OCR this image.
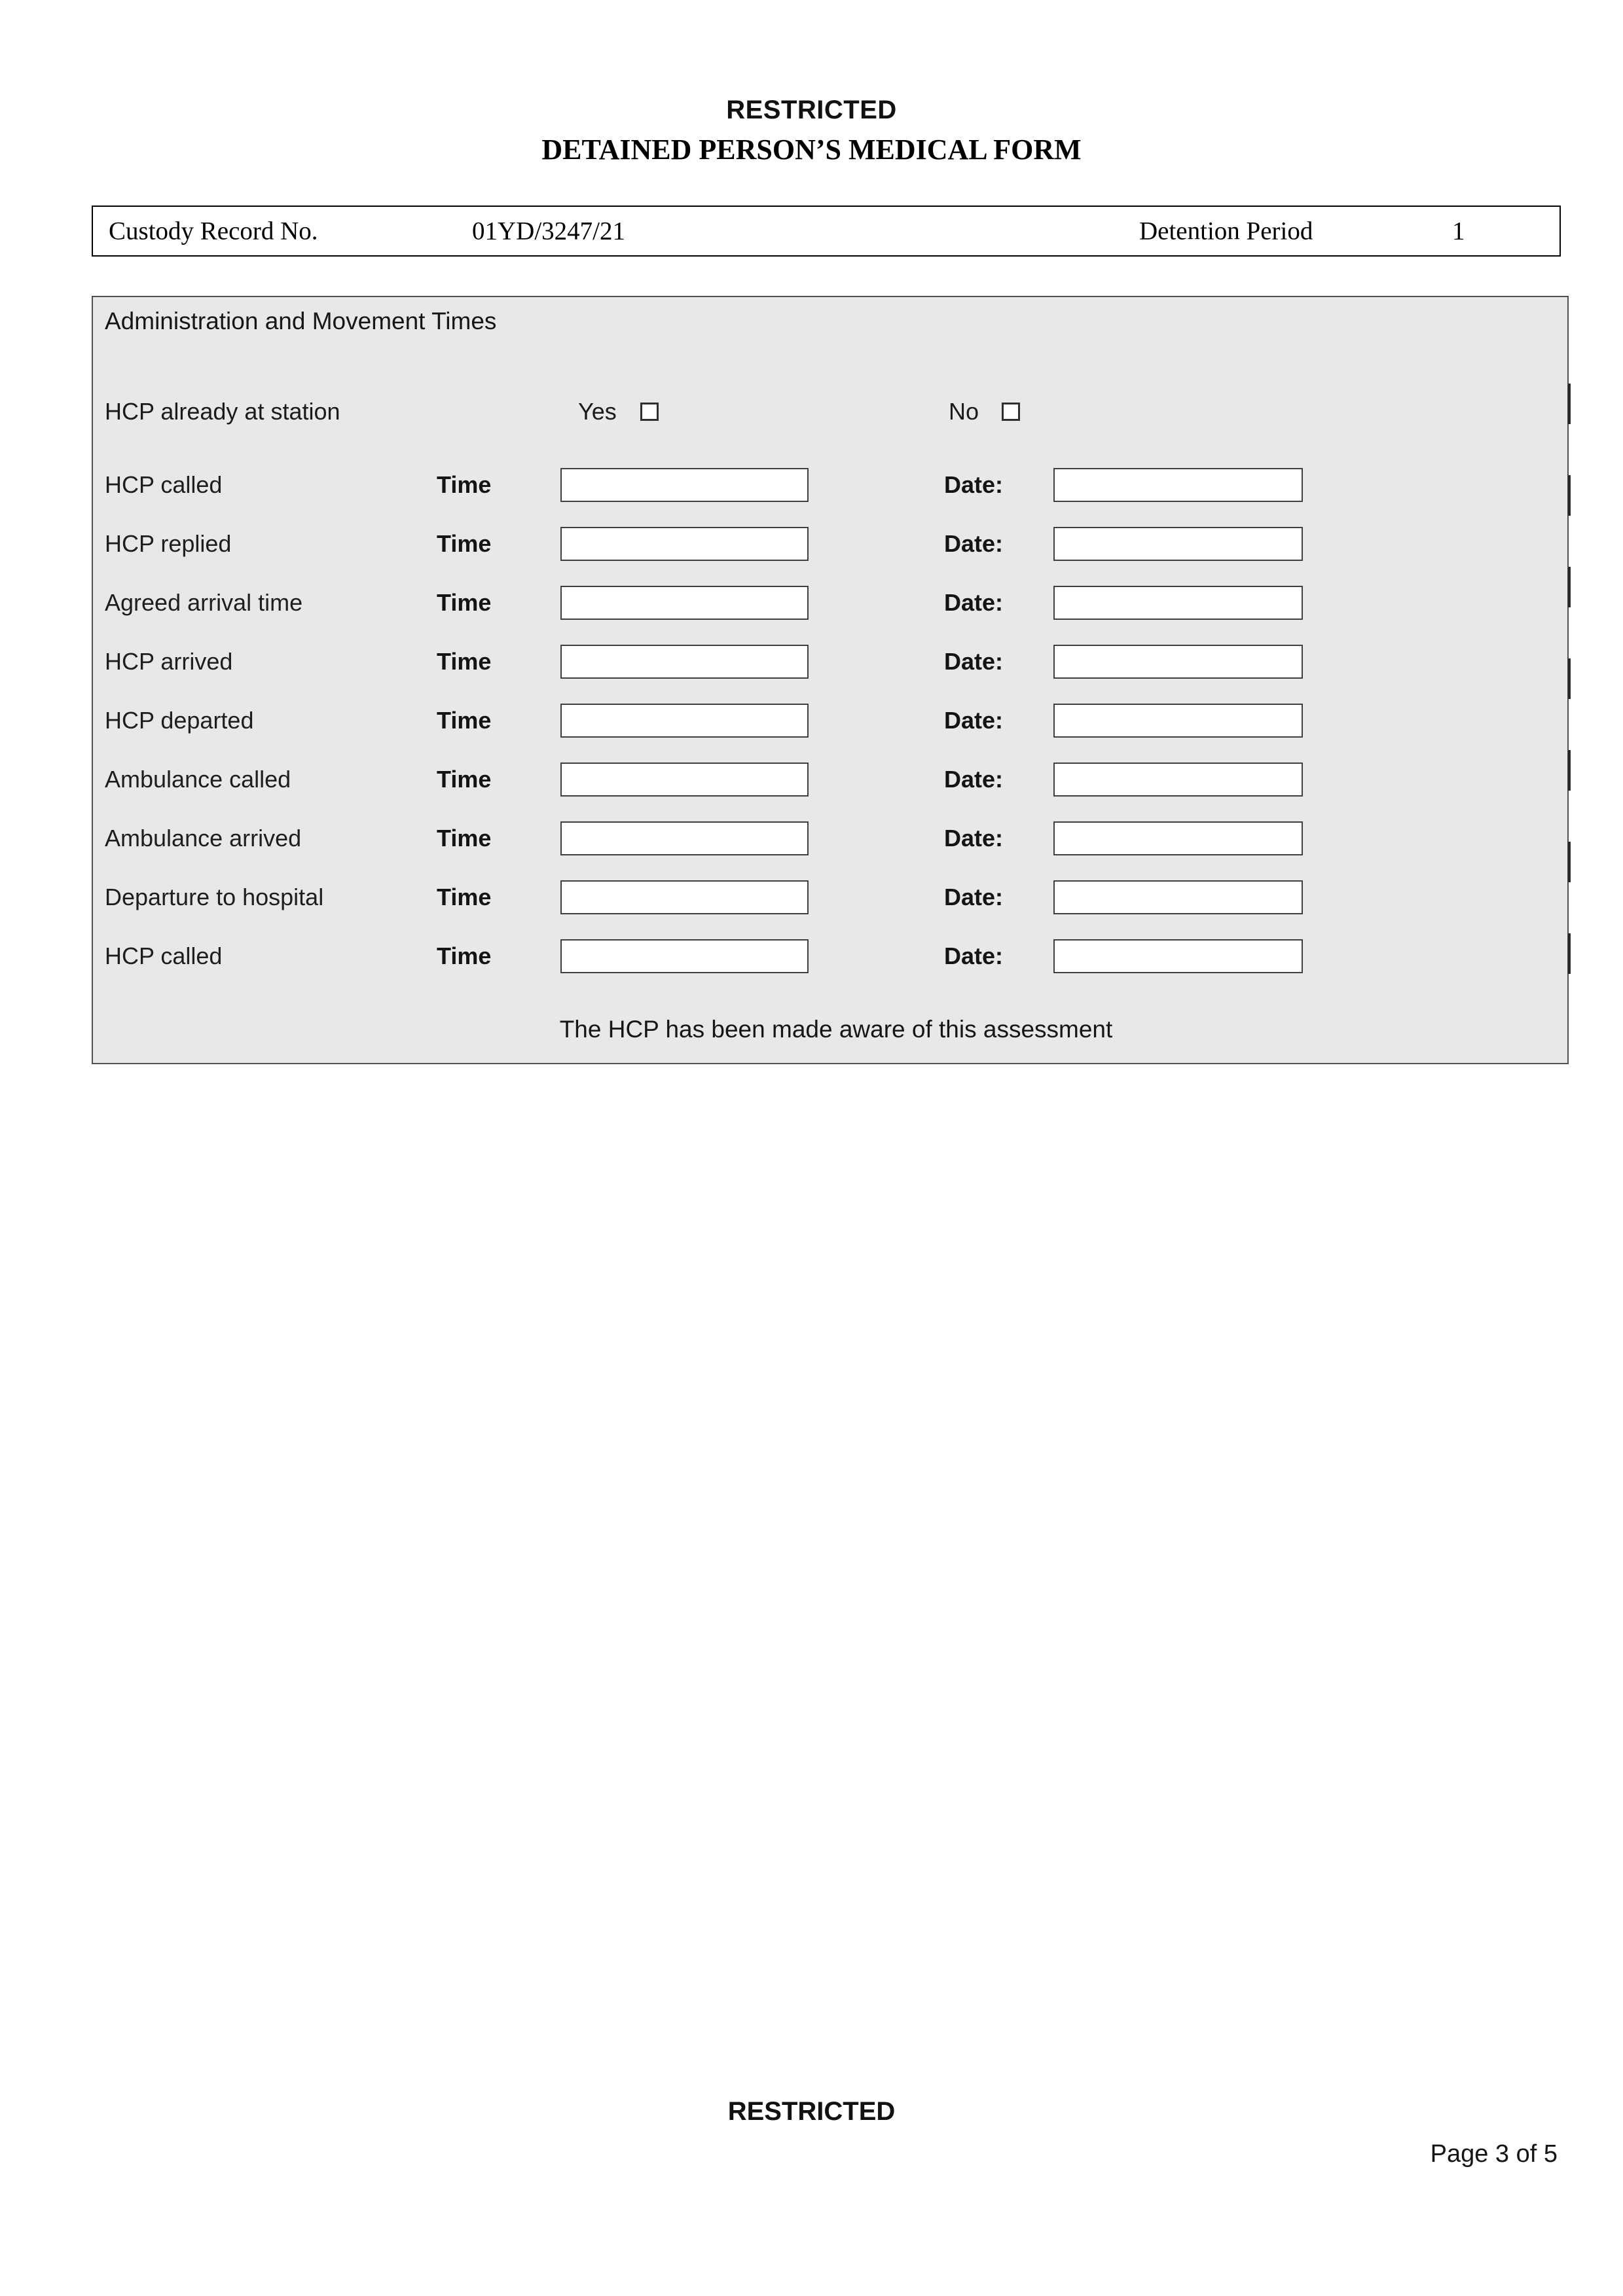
RESTRICTED
DETAINED PERSON’S MEDICAL FORM
Custody Record No.	01YD/3247/21	Detention Period	1
Administration and Movement Times
HCP already at station	Yes	No
HCP called	Time	Date:
HCP replied	Time	Date:
Agreed arrival time	Time	Date:
HCP arrived	Time	Date:
HCP departed	Time	Date:
Ambulance called	Time	Date:
Ambulance arrived	Time	Date:
Departure to hospital	Time	Date:
HCP called	Time	Date:
The HCP has been made aware of this assessment
RESTRICTED
Page 3 of 5
